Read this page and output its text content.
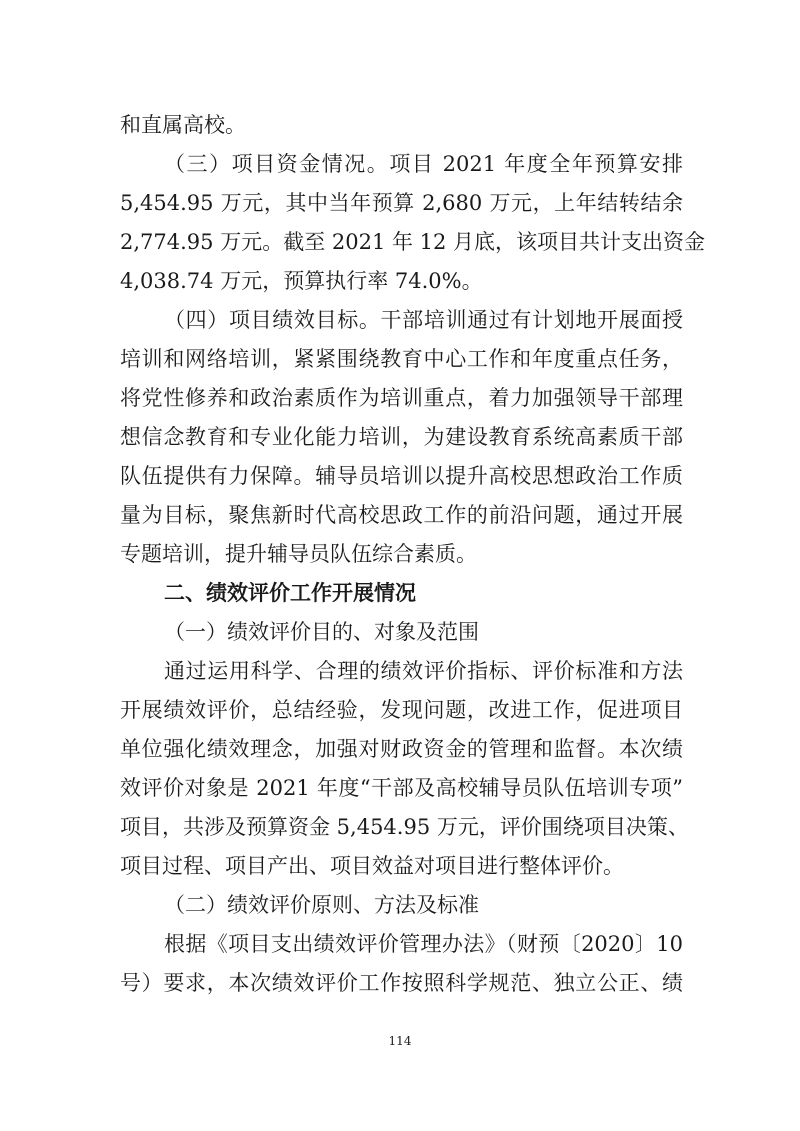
和直属高校。
（三）项目资金情况。项目 2021 年度全年预算安排
5,454.95 万元，其中当年预算 2,680 万元，上年结转结余
2,774.95 万元。截至 2021 年 12 月底，该项目共计支出资金
4,038.74 万元，预算执行率 74.0%。
（四）项目绩效目标。干部培训通过有计划地开展面授
培训和网络培训，紧紧围绕教育中心工作和年度重点任务，
将党性修养和政治素质作为培训重点，着力加强领导干部理
想信念教育和专业化能力培训，为建设教育系统高素质干部
队伍提供有力保障。辅导员培训以提升高校思想政治工作质
量为目标，聚焦新时代高校思政工作的前沿问题，通过开展
专题培训，提升辅导员队伍综合素质。
二、绩效评价工作开展情况
（一）绩效评价目的、对象及范围
通过运用科学、合理的绩效评价指标、评价标准和方法
开展绩效评价，总结经验，发现问题，改进工作，促进项目
单位强化绩效理念，加强对财政资金的管理和监督。本次绩
效评价对象是 2021 年度“干部及高校辅导员队伍培训专项”
项目，共涉及预算资金 5,454.95 万元，评价围绕项目决策、
项目过程、项目产出、项目效益对项目进行整体评价。
（二）绩效评价原则、方法及标准
根据《项目支出绩效评价管理办法》（财预〔2020〕10
号）要求，本次绩效评价工作按照科学规范、独立公正、绩
114
